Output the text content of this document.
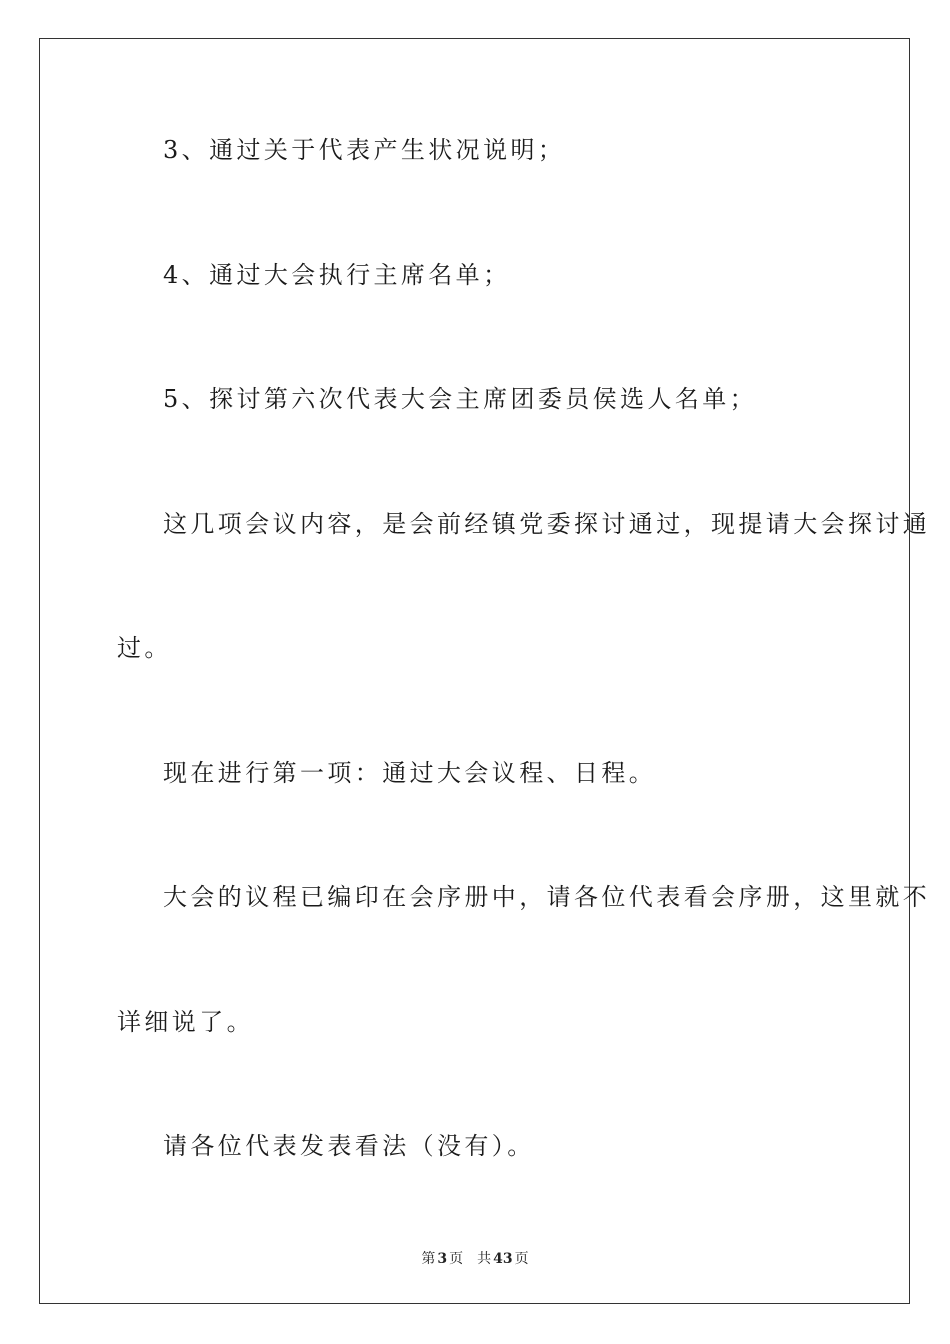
3、通过关于代表产生状况说明；
4、通过大会执行主席名单；
5、探讨第六次代表大会主席团委员侯选人名单；
这几项会议内容，是会前经镇党委探讨通过，现提请大会探讨通
过。
现在进行第一项：通过大会议程、日程。
大会的议程已编印在会序册中，请各位代表看会序册，这里就不
详细说了。
请各位代表发表看法（没有）。
第 3 页 共 43 页
